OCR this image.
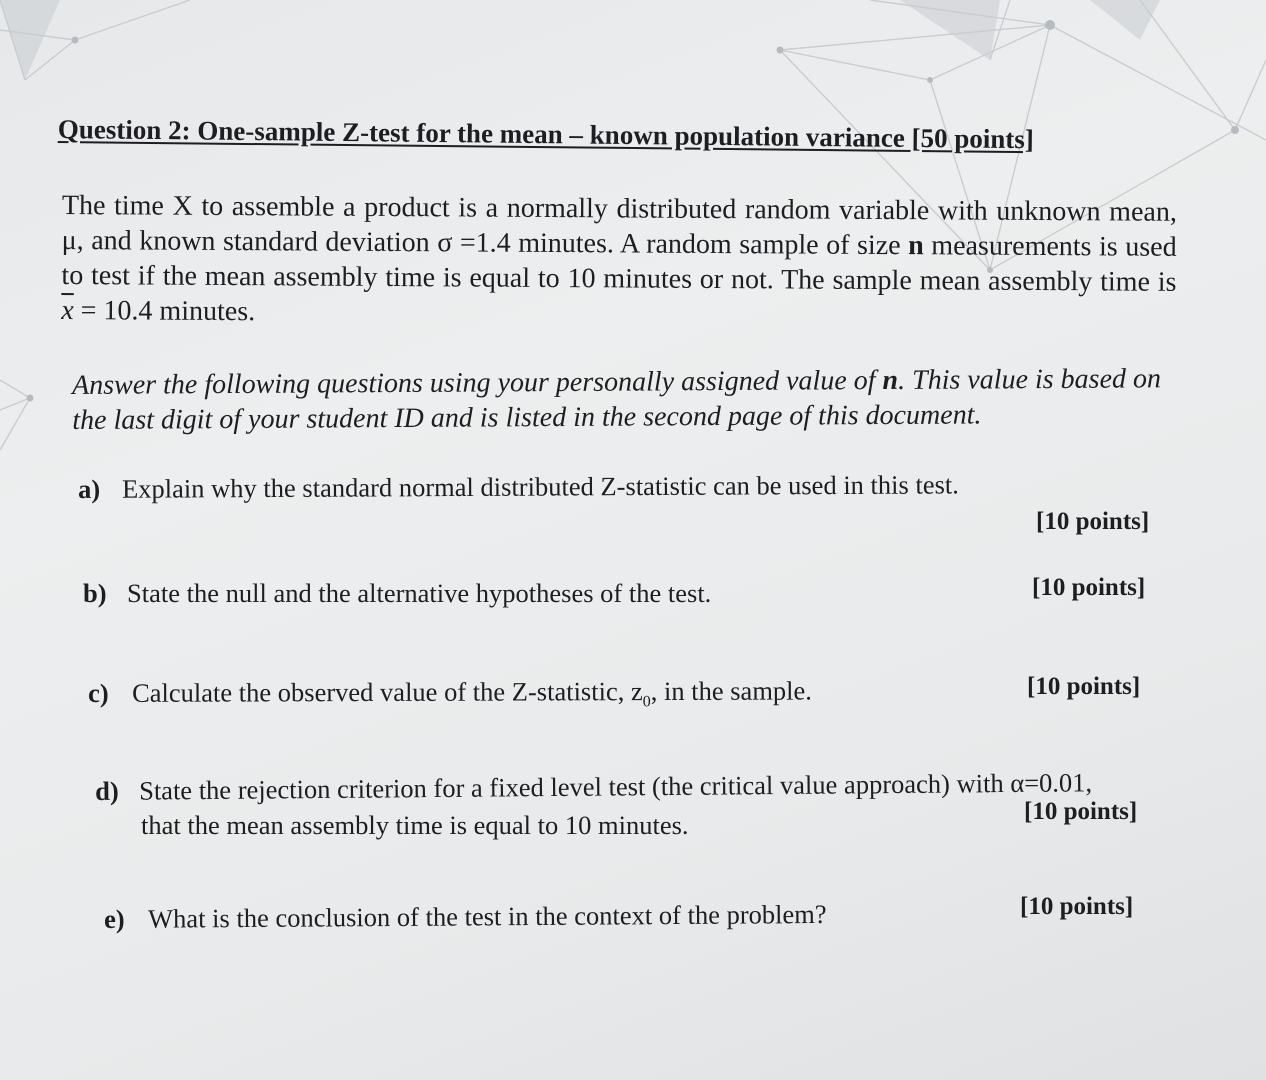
Question 2: One-sample Z-test for the mean – known population variance [50 points]

The time X to assemble a product is a normally distributed random variable with unknown mean, μ, and known standard deviation σ =1.4 minutes. A random sample of size n measurements is used to test if the mean assembly time is equal to 10 minutes or not. The sample mean assembly time is $\overline{x} = 10.4$ minutes.

Answer the following questions using your personally assigned value of n. This value is based on the last digit of your student ID and is listed in the second page of this document.

a) Explain why the standard normal distributed Z-statistic can be used in this test.
[10 points]
b) State the null and the alternative hypotheses of the test.	[10 points]
c) Calculate the observed value of the Z-statistic, $z_0$, in the sample.	[10 points]
d) State the rejection criterion for a fixed level test (the critical value approach) with α=0.01,
that the mean assembly time is equal to 10 minutes.	[10 points]
e) What is the conclusion of the test in the context of the problem?	[10 points]
